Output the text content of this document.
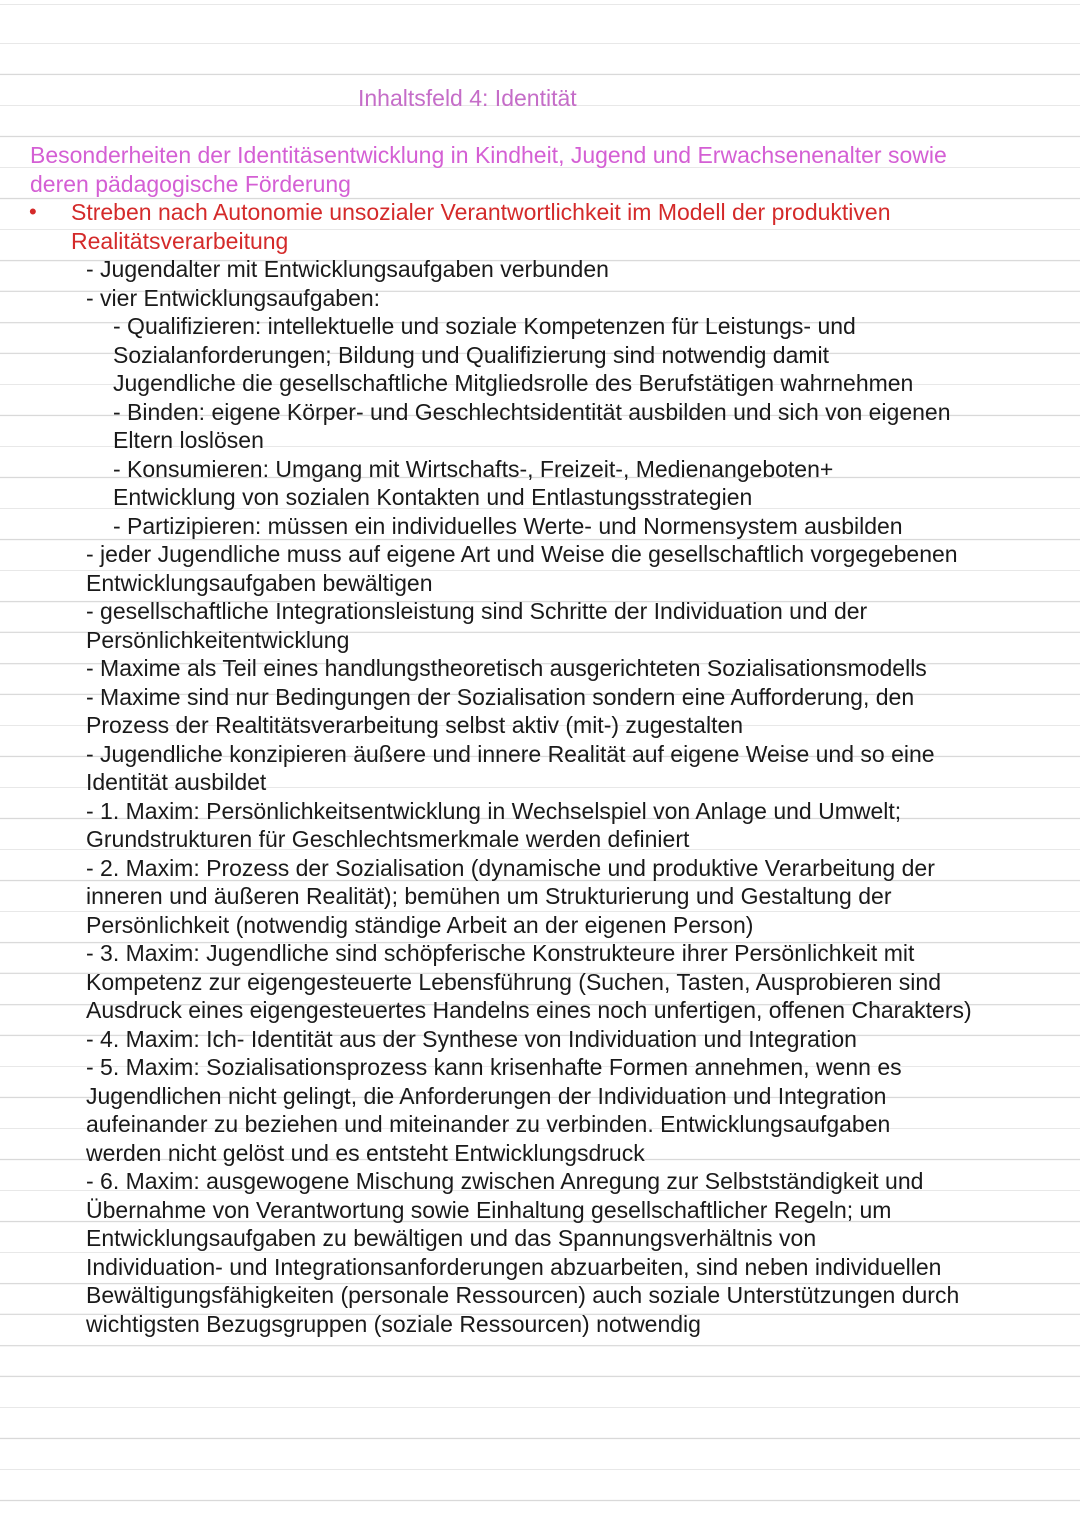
Inhaltsfeld 4: Identität
Besonderheiten der Identitäsentwicklung in Kindheit, Jugend und Erwachsenenalter sowie
deren pädagogische Förderung
• Streben nach Autonomie unsozialer Verantwortlichkeit im Modell der produktiven
Realitätsverarbeitung
- Jugendalter mit Entwicklungsaufgaben verbunden
- vier Entwicklungsaufgaben:
- Qualifizieren: intellektuelle und soziale Kompetenzen für Leistungs- und
Sozialanforderungen; Bildung und Qualifizierung sind notwendig damit
Jugendliche die gesellschaftliche Mitgliedsrolle des Berufstätigen wahrnehmen
- Binden: eigene Körper- und Geschlechtsidentität ausbilden und sich von eigenen
Eltern loslösen
- Konsumieren: Umgang mit Wirtschafts-, Freizeit-, Medienangeboten+
Entwicklung von sozialen Kontakten und Entlastungsstrategien
- Partizipieren: müssen ein individuelles Werte- und Normensystem ausbilden
- jeder Jugendliche muss auf eigene Art und Weise die gesellschaftlich vorgegebenen
Entwicklungsaufgaben bewältigen
- gesellschaftliche Integrationsleistung sind Schritte der Individuation und der
Persönlichkeitentwicklung
- Maxime als Teil eines handlungstheoretisch ausgerichteten Sozialisationsmodells
- Maxime sind nur Bedingungen der Sozialisation sondern eine Aufforderung, den
Prozess der Realtitätsverarbeitung selbst aktiv (mit-) zugestalten
- Jugendliche konzipieren äußere und innere Realität auf eigene Weise und so eine
Identität ausbildet
- 1. Maxim: Persönlichkeitsentwicklung in Wechselspiel von Anlage und Umwelt;
Grundstrukturen für Geschlechtsmerkmale werden definiert
- 2. Maxim: Prozess der Sozialisation (dynamische und produktive Verarbeitung der
inneren und äußeren Realität); bemühen um Strukturierung und Gestaltung der
Persönlichkeit (notwendig ständige Arbeit an der eigenen Person)
- 3. Maxim: Jugendliche sind schöpferische Konstrukteure ihrer Persönlichkeit mit
Kompetenz zur eigengesteuerte Lebensführung (Suchen, Tasten, Ausprobieren sind
Ausdruck eines eigengesteuertes Handelns eines noch unfertigen, offenen Charakters)
- 4. Maxim: Ich- Identität aus der Synthese von Individuation und Integration
- 5. Maxim: Sozialisationsprozess kann krisenhafte Formen annehmen, wenn es
Jugendlichen nicht gelingt, die Anforderungen der Individuation und Integration
aufeinander zu beziehen und miteinander zu verbinden. Entwicklungsaufgaben
werden nicht gelöst und es entsteht Entwicklungsdruck
- 6. Maxim: ausgewogene Mischung zwischen Anregung zur Selbstständigkeit und
Übernahme von Verantwortung sowie Einhaltung gesellschaftlicher Regeln; um
Entwicklungsaufgaben zu bewältigen und das Spannungsverhältnis von
Individuation- und Integrationsanforderungen abzuarbeiten, sind neben individuellen
Bewältigungsfähigkeiten (personale Ressourcen) auch soziale Unterstützungen durch
wichtigsten Bezugsgruppen (soziale Ressourcen) notwendig
